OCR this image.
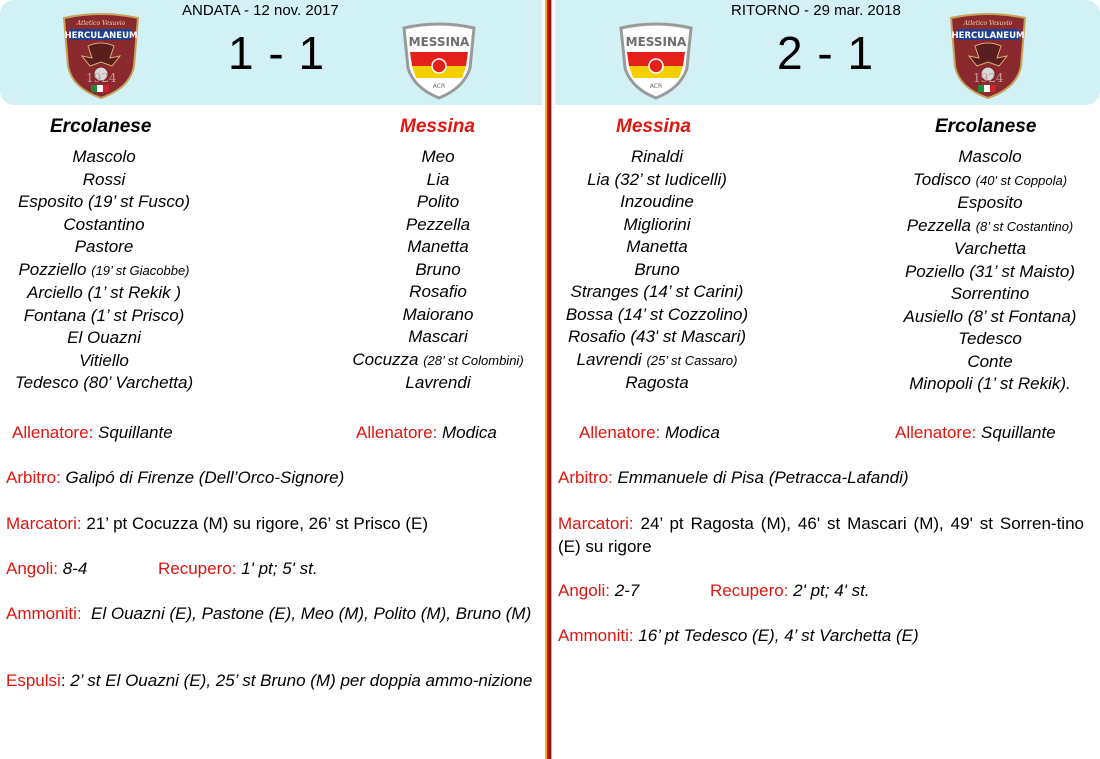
Atletico Vesuvio
HERCULANEUM
1924
ANDATA - 12 nov. 2017
1 - 1	MESSINA
ACR
Ercolanese	Messina
Mascolo
Rossi
Esposito (19’ st Fusco)
Costantino
Pastore
Pozziello (19’ st Giacobbe)
Arciello (1’ st Rekik )
Fontana (1’ st Prisco)
El Ouazni
Vitiello
Tedesco (80’ Varchetta)
Meo
Lia
Polito
Pezzella
Manetta
Bruno
Rosafio
Maiorano
Mascari
Cocuzza (28’ st Colombini)
Lavrendi
Allenatore: Squillante	Allenatore: Modica
Arbitro: Galipó di Firenze (Dell’Orco-Signore)
Marcatori: 21’ pt Cocuzza (M) su rigore, 26’ st Prisco (E)
Angoli: 8-4	Recupero: 1' pt; 5' st.
Ammoniti: El Ouazni (E), Pastone (E), Meo (M), Polito (M), Bruno (M)
Espulsi: 2’ st El Ouazni (E), 25’ st Bruno (M) per doppia ammo-nizione
MESSINA
ACR
RITORNO - 29 mar. 2018
2 - 1
Atletico Vesuvio
HERCULANEUM
1924
Messina	Ercolanese
Rinaldi
Lia (32’ st Iudicelli)
Inzoudine
Migliorini
Manetta
Bruno
Stranges (14’ st Carini)
Bossa (14’ st Cozzolino)
Rosafio (43' st Mascari)
Lavrendi (25’ st Cassaro)
Ragosta
Mascolo
Todisco (40' st Coppola)
Esposito
Pezzella (8’ st Costantino)
Varchetta
Poziello (31’ st Maisto)
Sorrentino
Ausiello (8’ st Fontana)
Tedesco
Conte
Minopoli (1’ st Rekik).
Allenatore: Modica	Allenatore: Squillante
Arbitro: Emmanuele di Pisa (Petracca-Lafandi)
Marcatori: 24’ pt Ragosta (M), 46' st Mascari (M), 49' st Sorren-tino (E) su rigore
Angoli: 2-7	Recupero: 2' pt; 4' st.
Ammoniti: 16’ pt Tedesco (E), 4’ st Varchetta (E)
